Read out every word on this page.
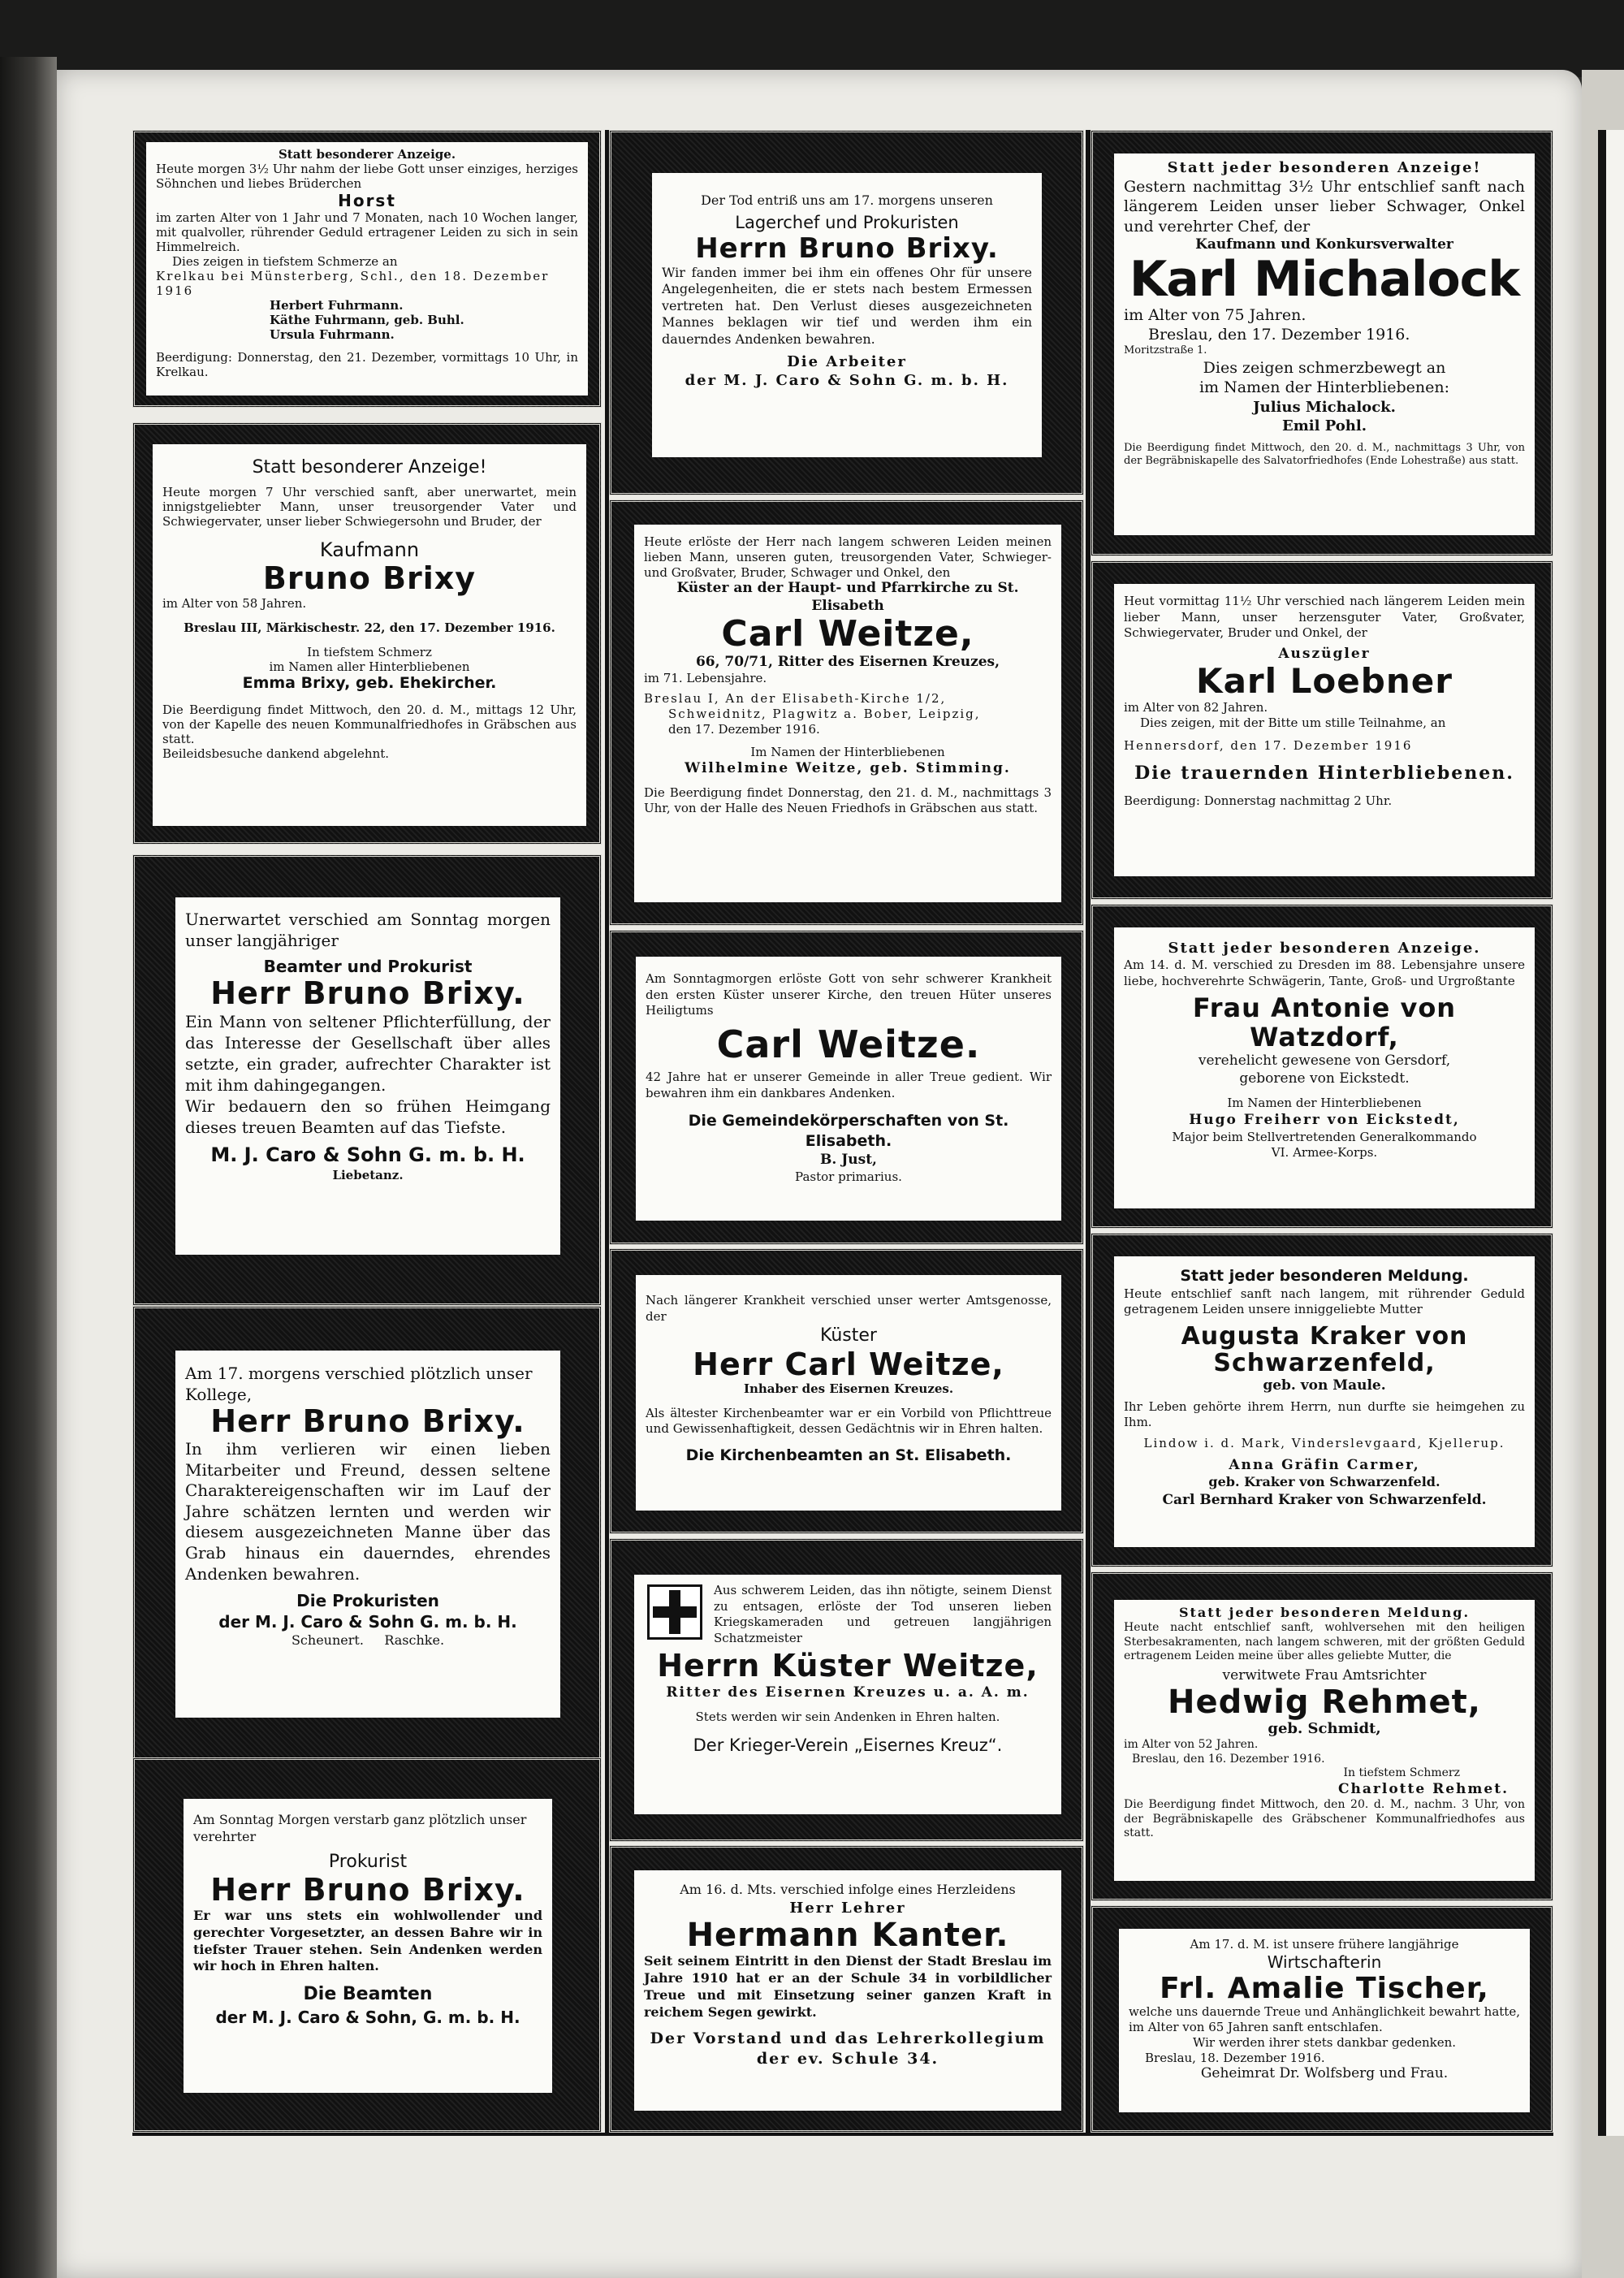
Statt besonderer Anzeige.

Heute morgen 3½ Uhr nahm der liebe Gott unser einziges, herziges Söhnchen und liebes Brüderchen

Horst

im zarten Alter von 1 Jahr und 7 Monaten, nach 10 Wochen langer, mit qualvoller, rührender Geduld ertragener Leiden zu sich in sein Himmelreich.

Dies zeigen in tiefstem Schmerze an

Krelkau bei Münsterberg, Schl., den 18. Dezember 1916

Herbert Fuhrmann.

Käthe Fuhrmann, geb. Buhl.

Ursula Fuhrmann.

Beerdigung: Donnerstag, den 21. Dezember, vormittags 10 Uhr, in Krelkau.

Statt besonderer Anzeige!

Heute morgen 7 Uhr verschied sanft, aber unerwartet, mein innigstgeliebter Mann, unser treusorgender Vater und Schwiegervater, unser lieber Schwiegersohn und Bruder, der

Kaufmann

Bruno Brixy

im Alter von 58 Jahren.

Breslau III, Märkischestr. 22, den 17. Dezember 1916.

In tiefstem Schmerz

im Namen aller Hinterbliebenen

Emma Brixy, geb. Ehekircher.

Die Beerdigung findet Mittwoch, den 20. d. M., mittags 12 Uhr, von der Kapelle des neuen Kommunalfriedhofes in Gräbschen aus statt.

Beileidsbesuche dankend abgelehnt.

Unerwartet verschied am Sonntag morgen unser langjähriger

Beamter und Prokurist

Herr Bruno Brixy.

Ein Mann von seltener Pflichterfüllung, der das Interesse der Gesellschaft über alles setzte, ein grader, aufrechter Charakter ist mit ihm dahingegangen.

Wir bedauern den so frühen Heimgang dieses treuen Beamten auf das Tiefste.

M. J. Caro & Sohn G. m. b. H.

Liebetanz.

Am 17. morgens verschied plötzlich unser Kollege,

Herr Bruno Brixy.

In ihm verlieren wir einen lieben Mitarbeiter und Freund, dessen seltene Charaktereigenschaften wir im Lauf der Jahre schätzen lernten und werden wir diesem ausgezeichneten Manne über das Grab hinaus ein dauerndes, ehrendes Andenken bewahren.

Die Prokuristen

der M. J. Caro & Sohn G. m. b. H.

Scheunert. Raschke.

Am Sonntag Morgen verstarb ganz plötzlich unser verehrter

Prokurist

Herr Bruno Brixy.

Er war uns stets ein wohlwollender und gerechter Vorgesetzter, an dessen Bahre wir in tiefster Trauer stehen. Sein Andenken werden wir hoch in Ehren halten.

Die Beamten

der M. J. Caro & Sohn, G. m. b. H.

Der Tod entriß uns am 17. morgens unseren

Lagerchef und Prokuristen

Herrn Bruno Brixy.

Wir fanden immer bei ihm ein offenes Ohr für unsere Angelegenheiten, die er stets nach bestem Ermessen vertreten hat. Den Verlust dieses ausgezeichneten Mannes beklagen wir tief und werden ihm ein dauerndes Andenken bewahren.

Die Arbeiter

der M. J. Caro & Sohn G. m. b. H.

Heute erlöste der Herr nach langem schweren Leiden meinen lieben Mann, unseren guten, treusorgenden Vater, Schwieger- und Großvater, Bruder, Schwager und Onkel, den

Küster an der Haupt- und Pfarrkirche zu St. Elisabeth

Carl Weitze,

66, 70/71, Ritter des Eisernen Kreuzes,

im 71. Lebensjahre.

Breslau I, An der Elisabeth-Kirche 1/2,

Schweidnitz, Plagwitz a. Bober, Leipzig,

den 17. Dezember 1916.

Im Namen der Hinterbliebenen

Wilhelmine Weitze, geb. Stimming.

Die Beerdigung findet Donnerstag, den 21. d. M., nachmittags 3 Uhr, von der Halle des Neuen Friedhofs in Gräbschen aus statt.

Am Sonntagmorgen erlöste Gott von sehr schwerer Krankheit den ersten Küster unserer Kirche, den treuen Hüter unseres Heiligtums

Carl Weitze.

42 Jahre hat er unserer Gemeinde in aller Treue gedient. Wir bewahren ihm ein dankbares Andenken.

Die Gemeindekörperschaften von St. Elisabeth.

B. Just,

Pastor primarius.

Nach längerer Krankheit verschied unser werter Amtsgenosse, der

Küster

Herr Carl Weitze,

Inhaber des Eisernen Kreuzes.

Als ältester Kirchenbeamter war er ein Vorbild von Pflichttreue und Gewissenhaftigkeit, dessen Gedächtnis wir in Ehren halten.

Die Kirchenbeamten an St. Elisabeth.

Aus schwerem Leiden, das ihn nötigte, seinem Dienst zu entsagen, erlöste der Tod unseren lieben Kriegskameraden und getreuen langjährigen Schatzmeister

Herrn Küster Weitze,

Ritter des Eisernen Kreuzes u. a. A. m.

Stets werden wir sein Andenken in Ehren halten.

Der Krieger-Verein „Eisernes Kreuz“.

Am 16. d. Mts. verschied infolge eines Herzleidens

Herr Lehrer

Hermann Kanter.

Seit seinem Eintritt in den Dienst der Stadt Breslau im Jahre 1910 hat er an der Schule 34 in vorbildlicher Treue und mit Einsetzung seiner ganzen Kraft in reichem Segen gewirkt.

Der Vorstand und das Lehrerkollegium

der ev. Schule 34.

Statt jeder besonderen Anzeige!

Gestern nachmittag 3½ Uhr entschlief sanft nach längerem Leiden unser lieber Schwager, Onkel und verehrter Chef, der

Kaufmann und Konkursverwalter

Karl Michalock

im Alter von 75 Jahren.

Breslau, den 17. Dezember 1916.

Moritzstraße 1.

Dies zeigen schmerzbewegt an

im Namen der Hinterbliebenen:

Julius Michalock.

Emil Pohl.

Die Beerdigung findet Mittwoch, den 20. d. M., nachmittags 3 Uhr, von der Begräbniskapelle des Salvatorfriedhofes (Ende Lohestraße) aus statt.

Heut vormittag 11½ Uhr verschied nach längerem Leiden mein lieber Mann, unser herzensguter Vater, Großvater, Schwiegervater, Bruder und Onkel, der

Auszügler

Karl Loebner

im Alter von 82 Jahren.

Dies zeigen, mit der Bitte um stille Teilnahme, an

Hennersdorf, den 17. Dezember 1916

Die trauernden Hinterbliebenen.

Beerdigung: Donnerstag nachmittag 2 Uhr.

Statt jeder besonderen Anzeige.

Am 14. d. M. verschied zu Dresden im 88. Lebensjahre unsere liebe, hochverehrte Schwägerin, Tante, Groß- und Urgroßtante

Frau Antonie von Watzdorf,

verehelicht gewesene von Gersdorf,

geborene von Eickstedt.

Im Namen der Hinterbliebenen

Hugo Freiherr von Eickstedt,

Major beim Stellvertretenden Generalkommando

VI. Armee-Korps.

Statt jeder besonderen Meldung.

Heute entschlief sanft nach langem, mit rührender Geduld getragenem Leiden unsere inniggeliebte Mutter

Augusta Kraker von Schwarzenfeld,

geb. von Maule.

Ihr Leben gehörte ihrem Herrn, nun durfte sie heimgehen zu Ihm.

Lindow i. d. Mark, Vinderslevgaard, Kjellerup.

Anna Gräfin Carmer,

geb. Kraker von Schwarzenfeld.

Carl Bernhard Kraker von Schwarzenfeld.

Statt jeder besonderen Meldung.

Heute nacht entschlief sanft, wohlversehen mit den heiligen Sterbesakramenten, nach langem schweren, mit der größten Geduld ertragenem Leiden meine über alles geliebte Mutter, die

verwitwete Frau Amtsrichter

Hedwig Rehmet,

geb. Schmidt,

im Alter von 52 Jahren.

Breslau, den 16. Dezember 1916.

In tiefstem Schmerz

Charlotte Rehmet.

Die Beerdigung findet Mittwoch, den 20. d. M., nachm. 3 Uhr, von der Begräbniskapelle des Gräbschener Kommunalfriedhofes aus statt.

Am 17. d. M. ist unsere frühere langjährige

Wirtschafterin

Frl. Amalie Tischer,

welche uns dauernde Treue und Anhänglichkeit bewahrt hatte, im Alter von 65 Jahren sanft entschlafen.

Wir werden ihrer stets dankbar gedenken.

Breslau, 18. Dezember 1916.

Geheimrat Dr. Wolfsberg und Frau.
